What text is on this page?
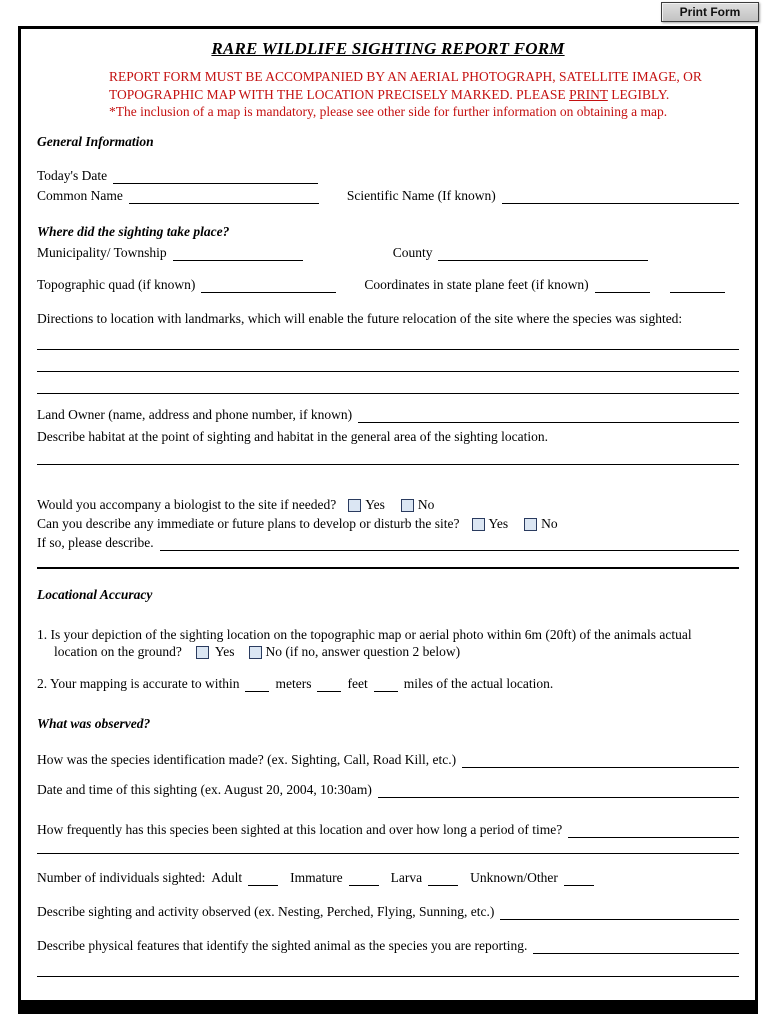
Print Form
RARE WILDLIFE SIGHTING REPORT FORM
REPORT FORM MUST BE ACCOMPANIED BY AN AERIAL PHOTOGRAPH, SATELLITE IMAGE, OR
TOPOGRAPHIC MAP WITH THE LOCATION PRECISELY MARKED. PLEASE PRINT LEGIBLY.
*The inclusion of a map is mandatory, please see other side for further information on obtaining a map.
General Information
Today's Date
Common Name	Scientific Name (If known)
Where did the sighting take place?
Municipality/ Township	County
Topographic quad (if known)	Coordinates in state plane feet (if known)

Directions to location with landmarks, which will enable the future relocation of the site where the species was sighted:

Land Owner (name, address and phone number, if known)

Describe habitat at the point of sighting and habitat in the general area of the sighting location.

Would you accompany a biologist to the site if needed? Yes No
Can you describe any immediate or future plans to develop or disturb the site? Yes No
If so, please describe.
Locational Accuracy

1. Is your depiction of the sighting location on the topographic map or aerial photo within 6m (20ft) of the animals actual

location on the ground? Yes No (if no, answer question 2 below)
2. Your mapping is accurate to within	meters	feet	miles of the actual location.
What was observed?
How was the species identification made? (ex. Sighting, Call, Road Kill, etc.)
Date and time of this sighting (ex. August 20, 2004, 10:30am)
How frequently has this species been sighted at this location and over how long a period of time?
Number of individuals sighted: Adult	Immature	Larva	Unknown/Other
Describe sighting and activity observed (ex. Nesting, Perched, Flying, Sunning, etc.)
Describe physical features that identify the sighted animal as the species you are reporting.
